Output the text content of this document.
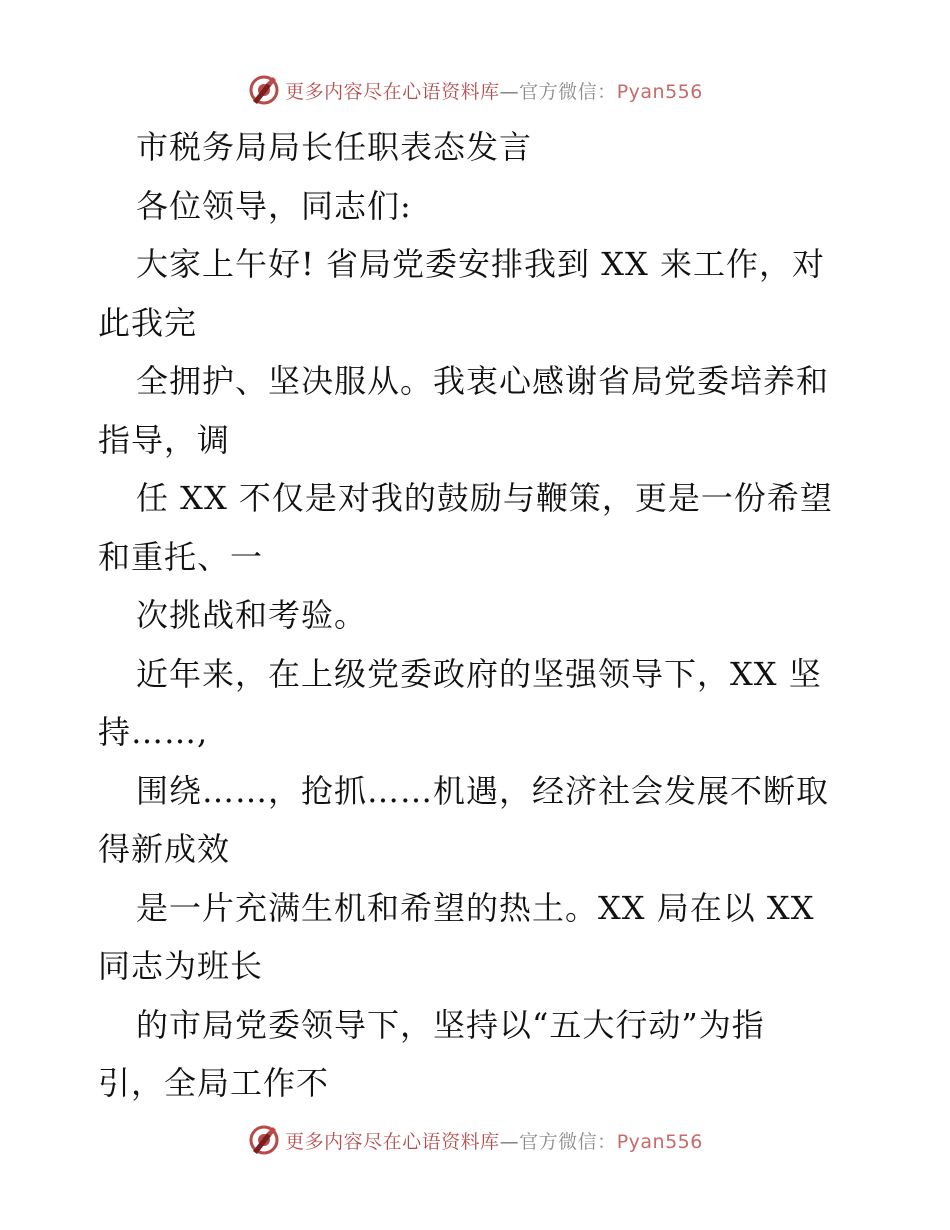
更多内容尽在心语资料库—官方微信：Pyan556
市税务局局长任职表态发言
各位领导，同志们:
大家上午好! 省局党委安排我到 XX 来工作，对
此我完
全拥护、坚决服从。我衷心感谢省局党委培养和
指导，调
任 XX 不仅是对我的鼓励与鞭策，更是一份希望
和重托、一
次挑战和考验。
近年来，在上级党委政府的坚强领导下，XX 坚
持……,
围绕……，抢抓……机遇，经济社会发展不断取
得新成效
是一片充满生机和希望的热土。XX 局在以 XX
同志为班长
的市局党委领导下，坚持以“五大行动”为指
引，全局工作不
更多内容尽在心语资料库—官方微信：Pyan556
